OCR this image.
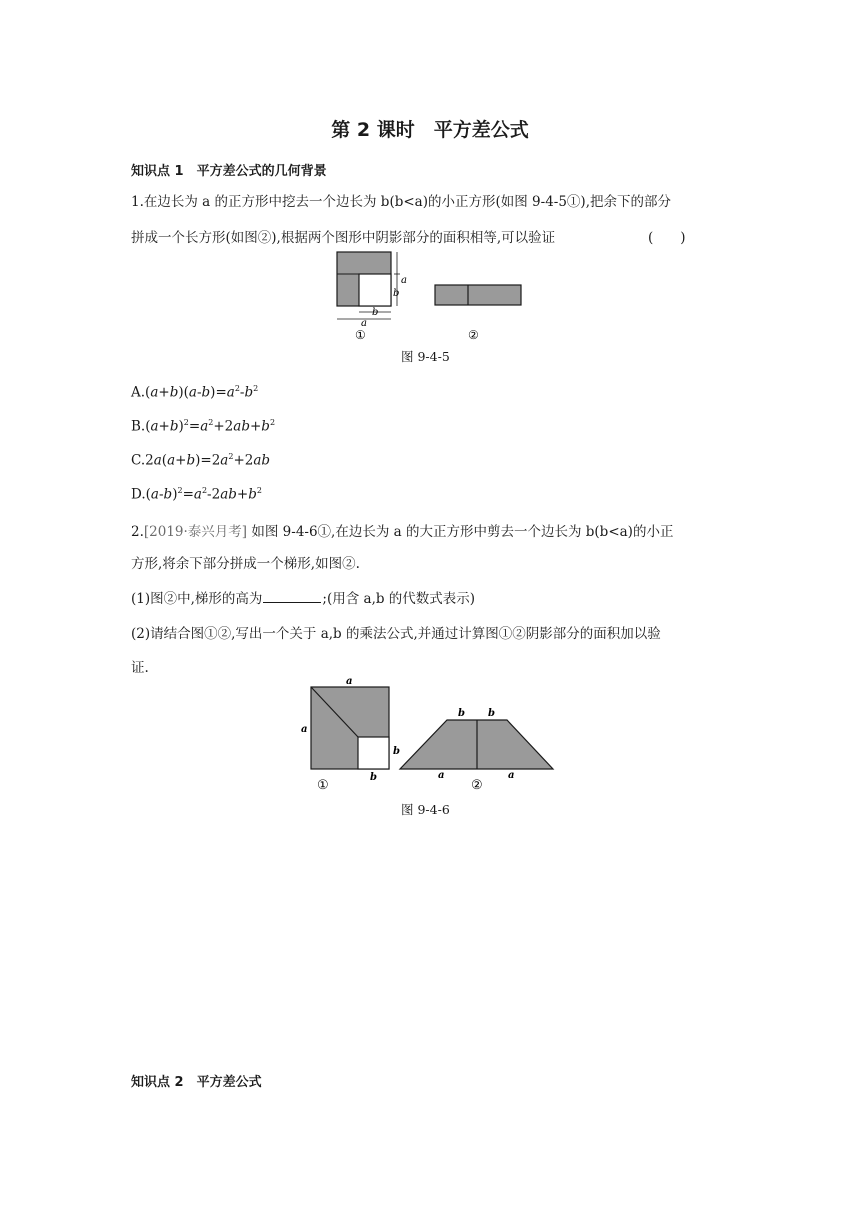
第 2 课时　平方差公式
知识点 1　平方差公式的几何背景
1.在边长为 a 的正方形中挖去一个边长为 b(b<a)的小正方形(如图 9-4-5①),把余下的部分
拼成一个长方形(如图②),根据两个图形中阴影部分的面积相等,可以验证	(　　)
a
b
b
a
①	②
图 9-4-5
$A.(a+b)(a-b)=a^2-b^2$
$B.(a+b)^2=a^2+2ab+b^2$
$C.2a(a+b)=2a^2+2ab$
$D.(a-b)^2=a^2-2ab+b^2$
2.[2019·泰兴月考] 如图 9-4-6①,在边长为 a 的大正方形中剪去一个边长为 b(b<a)的小正
方形,将余下部分拼成一个梯形,如图②.
(1)图②中,梯形的高为	;(用含 a,b 的代数式表示)
(2)请结合图①②,写出一个关于 a,b 的乘法公式,并通过计算图①②阴影部分的面积加以验
证.
a
a
b
b
①
b b
a	a
②
图 9-4-6
知识点 2　平方差公式
